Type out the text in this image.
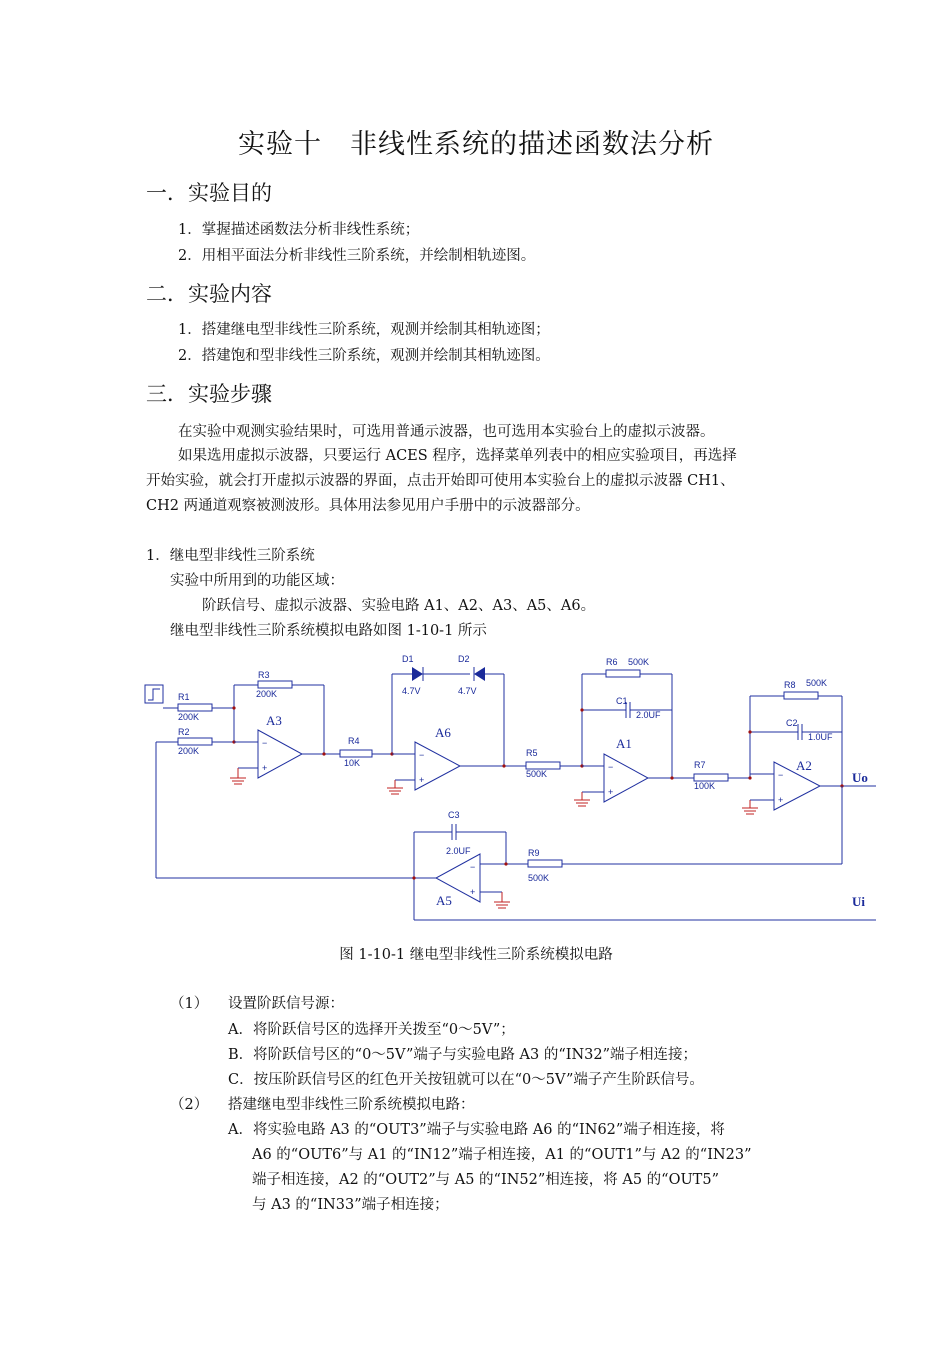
实验十　非线性系统的描述函数法分析
一．实验目的
1．掌握描述函数法分析非线性系统；
2．用相平面法分析非线性三阶系统，并绘制相轨迹图。
二．实验内容
1．搭建继电型非线性三阶系统，观测并绘制其相轨迹图；
2．搭建饱和型非线性三阶系统，观测并绘制其相轨迹图。
三．实验步骤
在实验中观测实验结果时，可选用普通示波器，也可选用本实验台上的虚拟示波器。
如果选用虚拟示波器，只要运行 ACES 程序，选择菜单列表中的相应实验项目，再选择
开始实验，就会打开虚拟示波器的界面，点击开始即可使用本实验台上的虚拟示波器 CH1、
CH2 两通道观察被测波形。具体用法参见用户手册中的示波器部分。
1．继电型非线性三阶系统
实验中所用到的功能区域：
阶跃信号、虚拟示波器、实验电路 A1、A2、A3、A5、A6。
继电型非线性三阶系统模拟电路如图 1-10-1 所示
R1
200K
R2
200K
R3
200K
−
+
A3
R4
10K
D1
4.7V
D2
4.7V
−
+
A6
R5
500K
R6 500K
C1
2.0UF
−
+
A1
R7
100K
R8 500K
C2
1.0UF
−
+
A2
Uo
R9
500K
−
+
A5
C3
2.0UF
Ui
图 1-10-1 继电型非线性三阶系统模拟电路
（1） 设置阶跃信号源：
A．将阶跃信号区的选择开关拨至“0～5V”；
B．将阶跃信号区的“0～5V”端子与实验电路 A3 的“IN32”端子相连接；
C．按压阶跃信号区的红色开关按钮就可以在“0～5V”端子产生阶跃信号。
（2） 搭建继电型非线性三阶系统模拟电路：
A．将实验电路 A3 的“OUT3”端子与实验电路 A6 的“IN62”端子相连接，将
A6 的“OUT6”与 A1 的“IN12”端子相连接，A1 的“OUT1”与 A2 的“IN23”
端子相连接，A2 的“OUT2”与 A5 的“IN52”相连接，将 A5 的“OUT5”
与 A3 的“IN33”端子相连接；
